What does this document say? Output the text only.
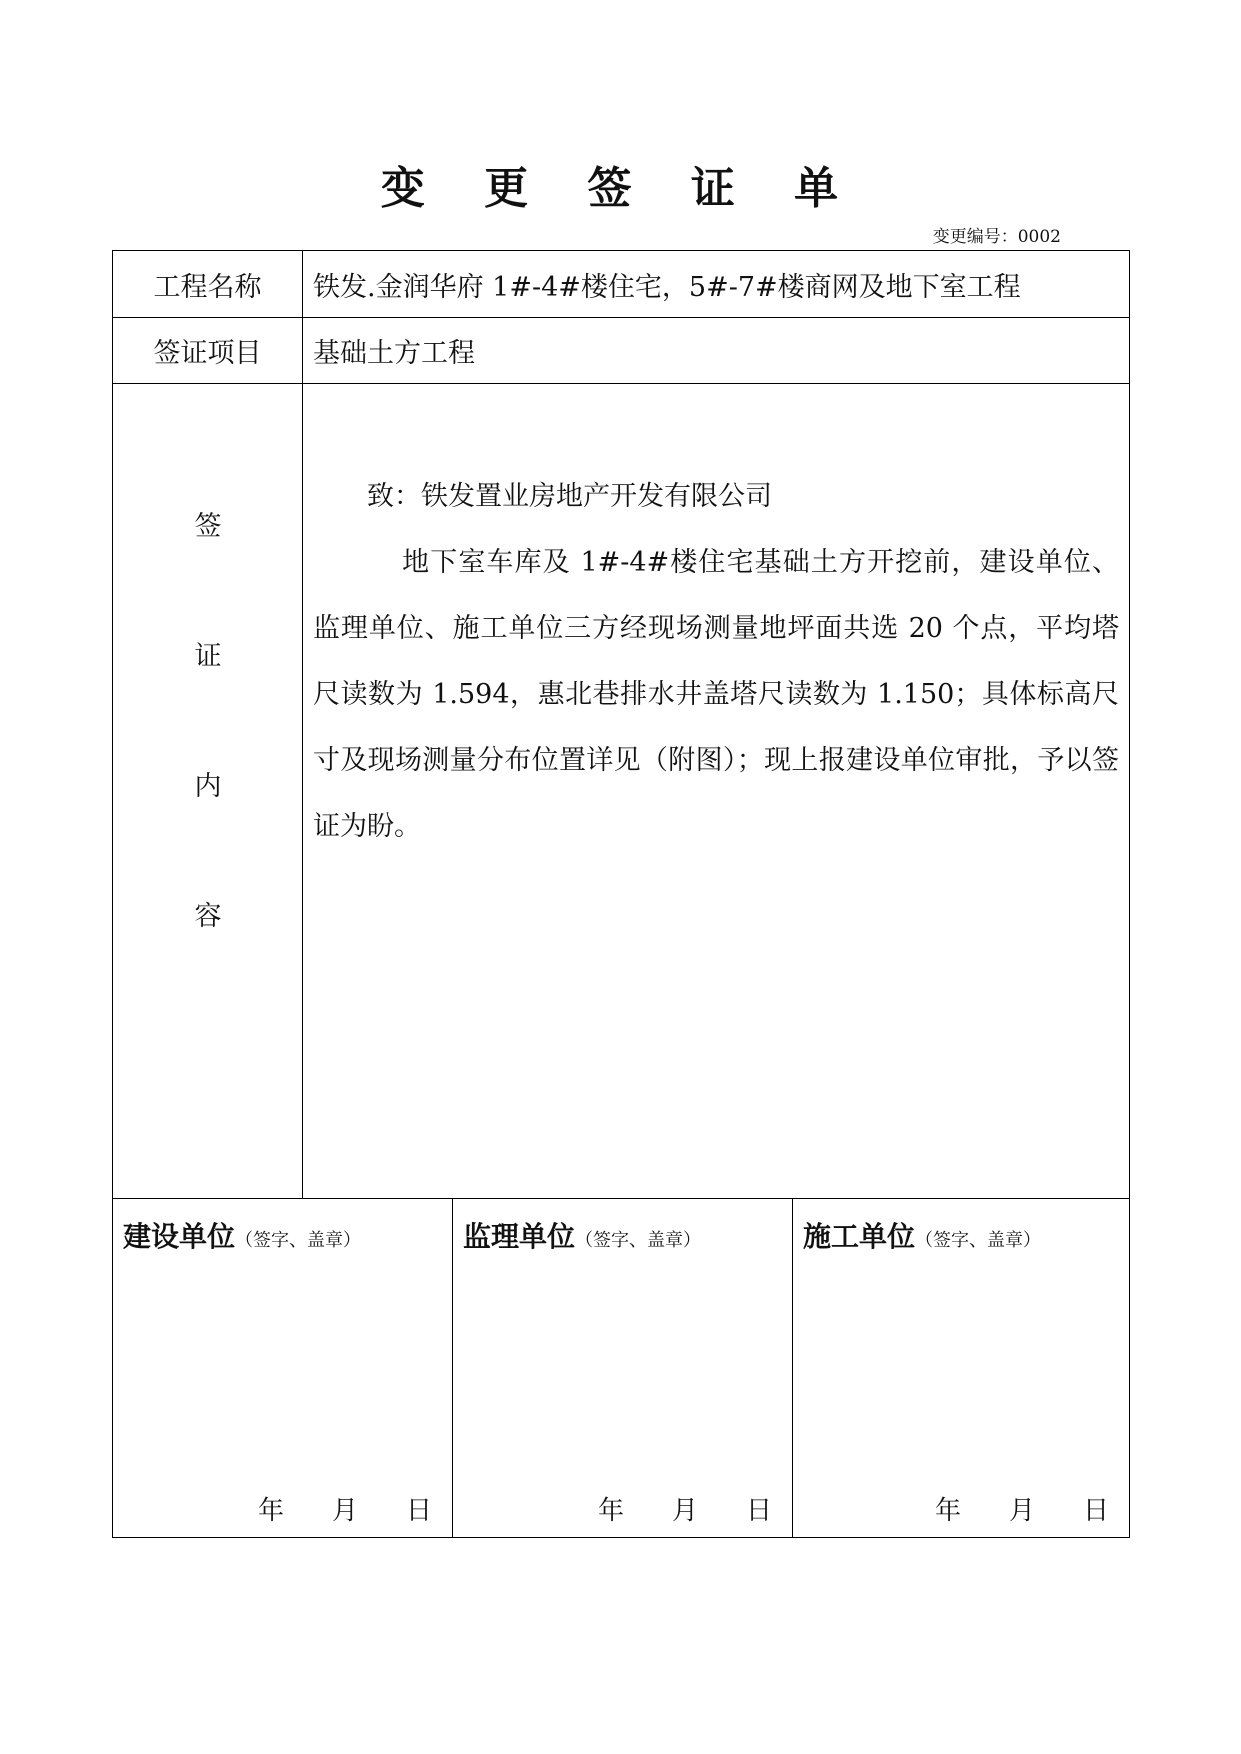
变 更 签 证 单
变更编号：0002
工程名称	铁发.金润华府 1#-4#楼住宅，5#-7#楼商网及地下室工程
签证项目	基础土方工程
签
证
内
容

致：铁发置业房地产开发有限公司

地下室车库及 1#-4#楼住宅基础土方开挖前，建设单位、监理单位、施工单位三方经现场测量地坪面共选 20 个点，平均塔尺读数为 1.594，惠北巷排水井盖塔尺读数为 1.150；具体标高尺寸及现场测量分布位置详见（附图）；现上报建设单位审批，予以签证为盼。

建设单位（签字、盖章）
年 月 日
监理单位（签字、盖章）
年 月 日
施工单位（签字、盖章）
年 月 日
